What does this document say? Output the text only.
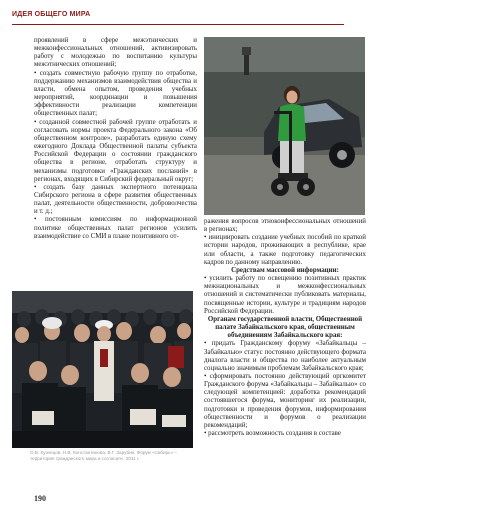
ИДЕЯ ОБЩЕГО МИРА

проявлений в сфере межэтнических и межконфессиональных отношений, активизировать работу с молодежью по воспитанию культуры межэтнических отношений;

• создать совместную рабочую группу по отработке, поддержанию механизмов взаимодействия общества и власти, обмена опытом, проведения учебных мероприятий, координации и повышения эффективности реализации компетенции общественных палат;

• созданной совместной рабочей группе отработать и согласовать нормы проекта Федерального закона «Об общественном контроле», разработать единую схему ежегодного Доклада Общественной палаты субъекта Российской Федерации о состоянии гражданского общества в регионе, отработать структуру и механизмы подготовки «Гражданских посланий» в регионах, входящих в Сибирский федеральный округ;

• создать базу данных экспертного потенциала Сибирского региона в сфере развития общественных палат, деятельности общественности, доброволчества и т. д.;

• постоянным комиссиям по информационной политике общественных палат регионов усилить взаимодействие со СМИ в плане позитивного от-

ражения вопросов этноконфессиональных отношений в регионах;

• инициировать создание учебных пособий по краткой истории народов, проживающих в республике, крае или области, а также подготовку педагогических кадров по данному направлению.

Средствам массовой информации:

• усилить работу по освещению позитивных практик межнациональных и межконфессиональных отношений и систематически публиковать материалы, посвященные истории, культуре и традициям народов Российской Федерации.

Органам государственной власти, Общественной палате Забайкальского края, общественным объединениям Забайкальского края:

• придать Гражданскому форуму «Забайкальцы – Забайкалью» статус постоянно действующего формата диалога власти и общества по наиболее актуальным социально значимым проблемам Забайкальского края;

• сформировать постоянно действующий оргкомитет Гражданского форума «Забайкальцы – Забайкалью» со следующей компетенцией: доработка рекомендаций состоявшегося форума, мониторинг их реализации, подготовки и проведения форумов, информирования общественности и форумов о реализации рекомендаций;

• рассмотреть возможность создания в составе

О.В. Кузнецов, Н.В. Константинова, В.Г. Зарубин. Форум «Сибирь» – территория гражданского мира и согласия». 2011 г.
190
